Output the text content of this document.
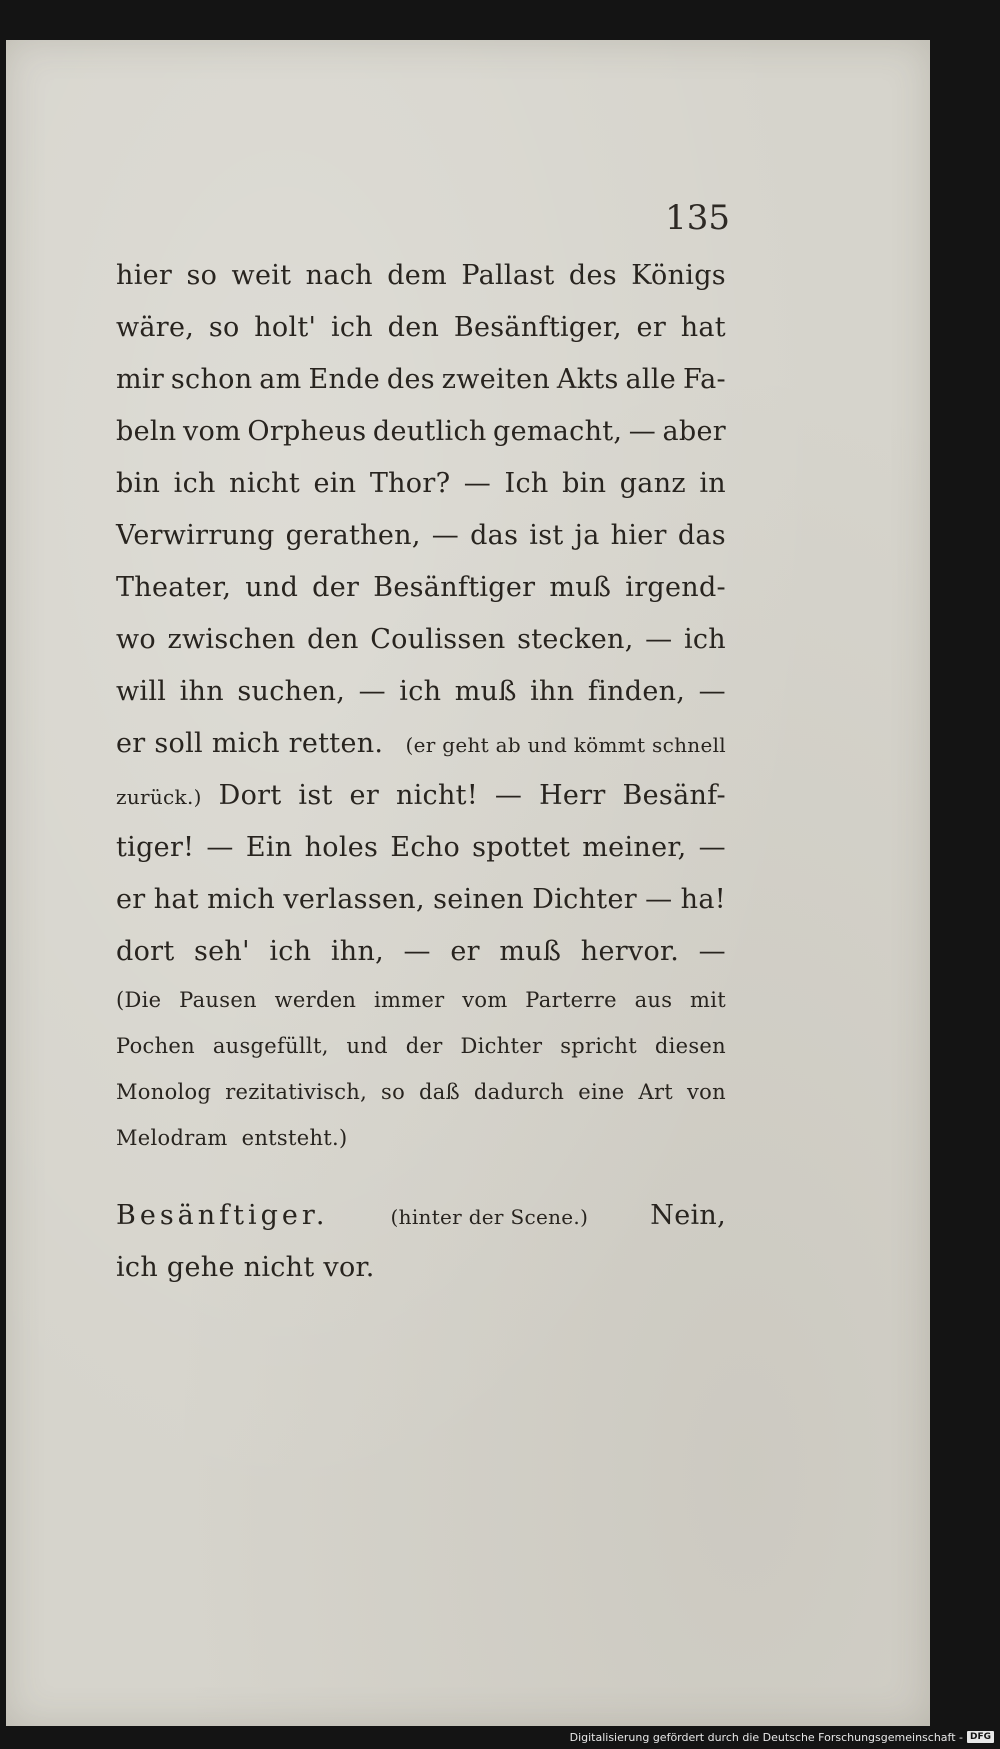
135
hier so weit nach dem Pallast des Königs
wäre, so holt' ich den Besänftiger, er hat
mir schon am Ende des zweiten Akts alle Fa-
beln vom Orpheus deutlich gemacht, — aber
bin ich nicht ein Thor? — Ich bin ganz in
Verwirrung gerathen, — das ist ja hier das
Theater, und der Besänftiger muß irgend-
wo zwischen den Coulissen stecken, — ich
will ihn suchen, — ich muß ihn finden, —
er soll mich retten. (er geht ab und kömmt schnell
zurück.) Dort ist er nicht! — Herr Besänf-
tiger! — Ein holes Echo spottet meiner, —
er hat mich verlassen, seinen Dichter — ha!
dort seh' ich ihn, — er muß hervor. —
(Die Pausen werden immer vom Parterre aus mit
Pochen ausgefüllt, und der Dichter spricht diesen
Monolog rezitativisch, so daß dadurch eine Art von
Melodram entsteht.)
Besänftiger.	(hinter der Scene.) Nein,
ich gehe nicht vor.
Digitalisierung gefördert durch die Deutsche Forschungsgemeinschaft - DFG
